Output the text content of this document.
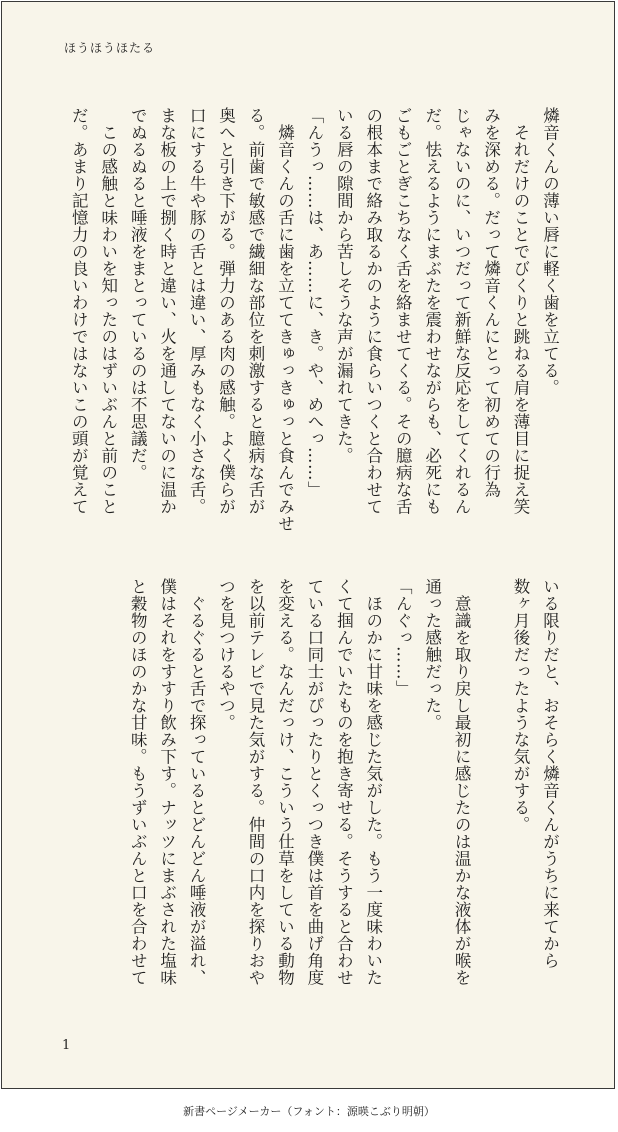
ほうほうほたる
燐音くんの薄い唇に軽く歯を立てる。
　それだけのことでびくりと跳ねる肩を薄目に捉え笑
みを深める。だって燐音くんにとって初めての行為
じゃないのに、いつだって新鮮な反応をしてくれるん
だ。怯えるようにまぶたを震わせながらも、必死にも
ごもごとぎこちなく舌を絡ませてくる。その臆病な舌
の根本まで絡み取るかのように食らいつくと合わせて
いる唇の隙間から苦しそうな声が漏れてきた。
「んうっ……は、あ……に、き。や、めへっ……」
　燐音くんの舌に歯を立ててきゅっきゅっと食んでみせ
る。前歯で敏感で繊細な部位を刺激すると臆病な舌が
奥へと引き下がる。弾力のある肉の感触。よく僕らが
口にする牛や豚の舌とは違い、厚みもなく小さな舌。
まな板の上で捌く時と違い、火を通してないのに温か
でぬるぬると唾液をまとっているのは不思議だ。
　この感触と味わいを知ったのはずいぶんと前のこと
だ。あまり記憶力の良いわけではないこの頭が覚えて
いる限りだと、おそらく燐音くんがうちに来てから
数ヶ月後だったような気がする。
　意識を取り戻し最初に感じたのは温かな液体が喉を
通った感触だった。
「んぐっ……」
　ほのかに甘味を感じた気がした。もう一度味わいた
くて掴んでいたものを抱き寄せる。そうすると合わせ
ている口同士がぴったりとくっつき僕は首を曲げ角度
を変える。なんだっけ、こういう仕草をしている動物
を以前テレビで見た気がする。仲間の口内を探りおや
つを見つけるやつ。
　ぐるぐると舌で探っているとどんどん唾液が溢れ、
僕はそれをすすり飲み下す。ナッツにまぶされた塩味
と穀物のほのかな甘味。もうずいぶんと口を合わせて
1
新書ページメーカー（フォント：源暎こぶり明朝）
